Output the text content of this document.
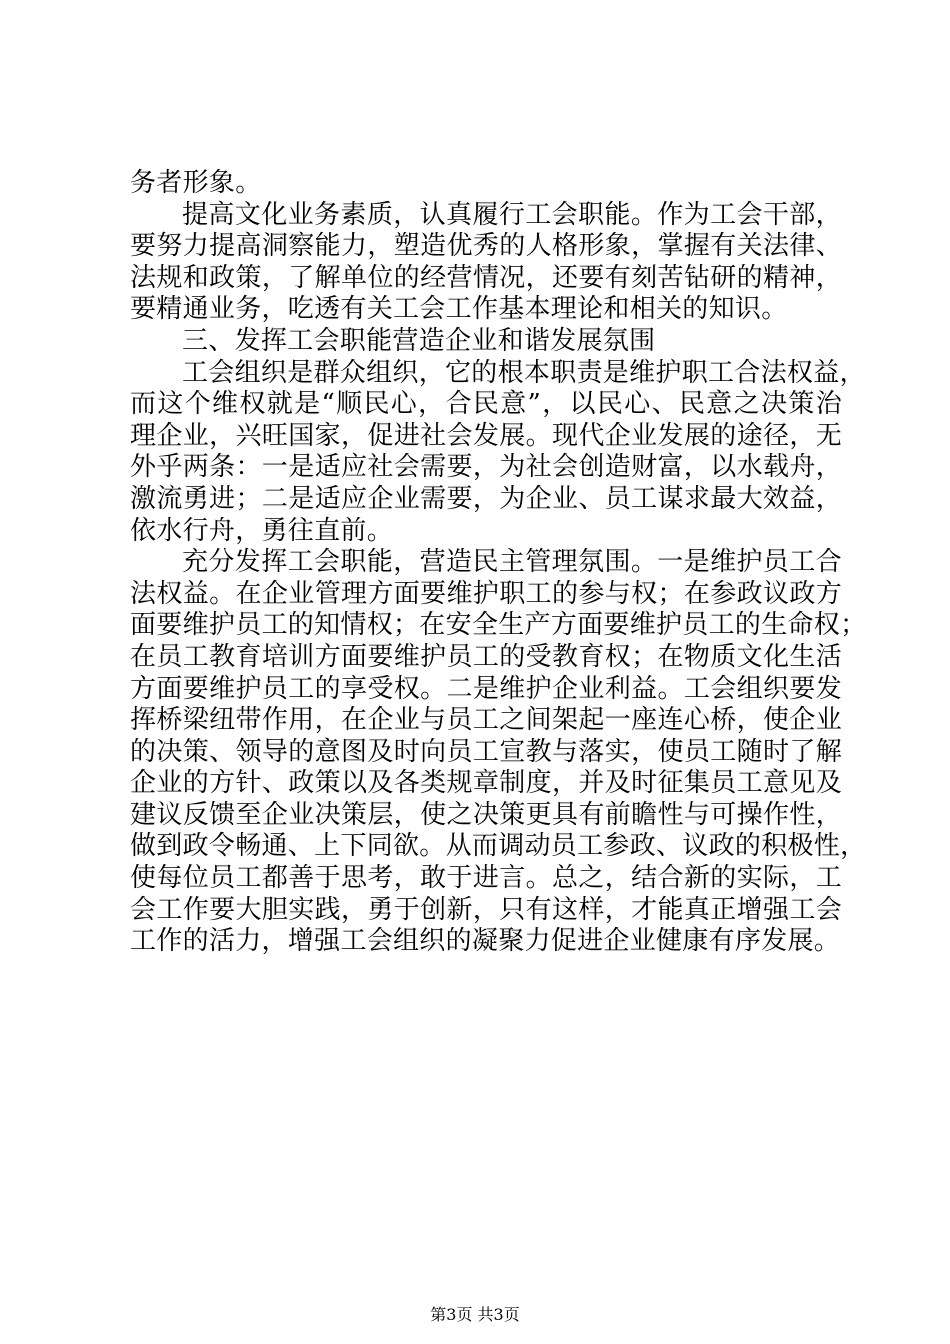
务者形象。
提高文化业务素质，认真履行工会职能。作为工会干部，
要努力提高洞察能力，塑造优秀的人格形象，掌握有关法律、
法规和政策，了解单位的经营情况，还要有刻苦钻研的精神，
要精通业务，吃透有关工会工作基本理论和相关的知识。
三、发挥工会职能营造企业和谐发展氛围
工会组织是群众组织，它的根本职责是维护职工合法权益，
而这个维权就是“顺民心，合民意”，以民心、民意之决策治
理企业，兴旺国家，促进社会发展。现代企业发展的途径，无
外乎两条：一是适应社会需要，为社会创造财富，以水载舟，
激流勇进；二是适应企业需要，为企业、员工谋求最大效益，
依水行舟，勇往直前。
充分发挥工会职能，营造民主管理氛围。一是维护员工合
法权益。在企业管理方面要维护职工的参与权；在参政议政方
面要维护员工的知情权；在安全生产方面要维护员工的生命权；
在员工教育培训方面要维护员工的受教育权；在物质文化生活
方面要维护员工的享受权。二是维护企业利益。工会组织要发
挥桥梁纽带作用，在企业与员工之间架起一座连心桥，使企业
的决策、领导的意图及时向员工宣教与落实，使员工随时了解
企业的方针、政策以及各类规章制度，并及时征集员工意见及
建议反馈至企业决策层，使之决策更具有前瞻性与可操作性，
做到政令畅通、上下同欲。从而调动员工参政、议政的积极性，
使每位员工都善于思考，敢于进言。总之，结合新的实际，工
会工作要大胆实践，勇于创新，只有这样，才能真正增强工会
工作的活力，增强工会组织的凝聚力促进企业健康有序发展。
第3页 共3页
